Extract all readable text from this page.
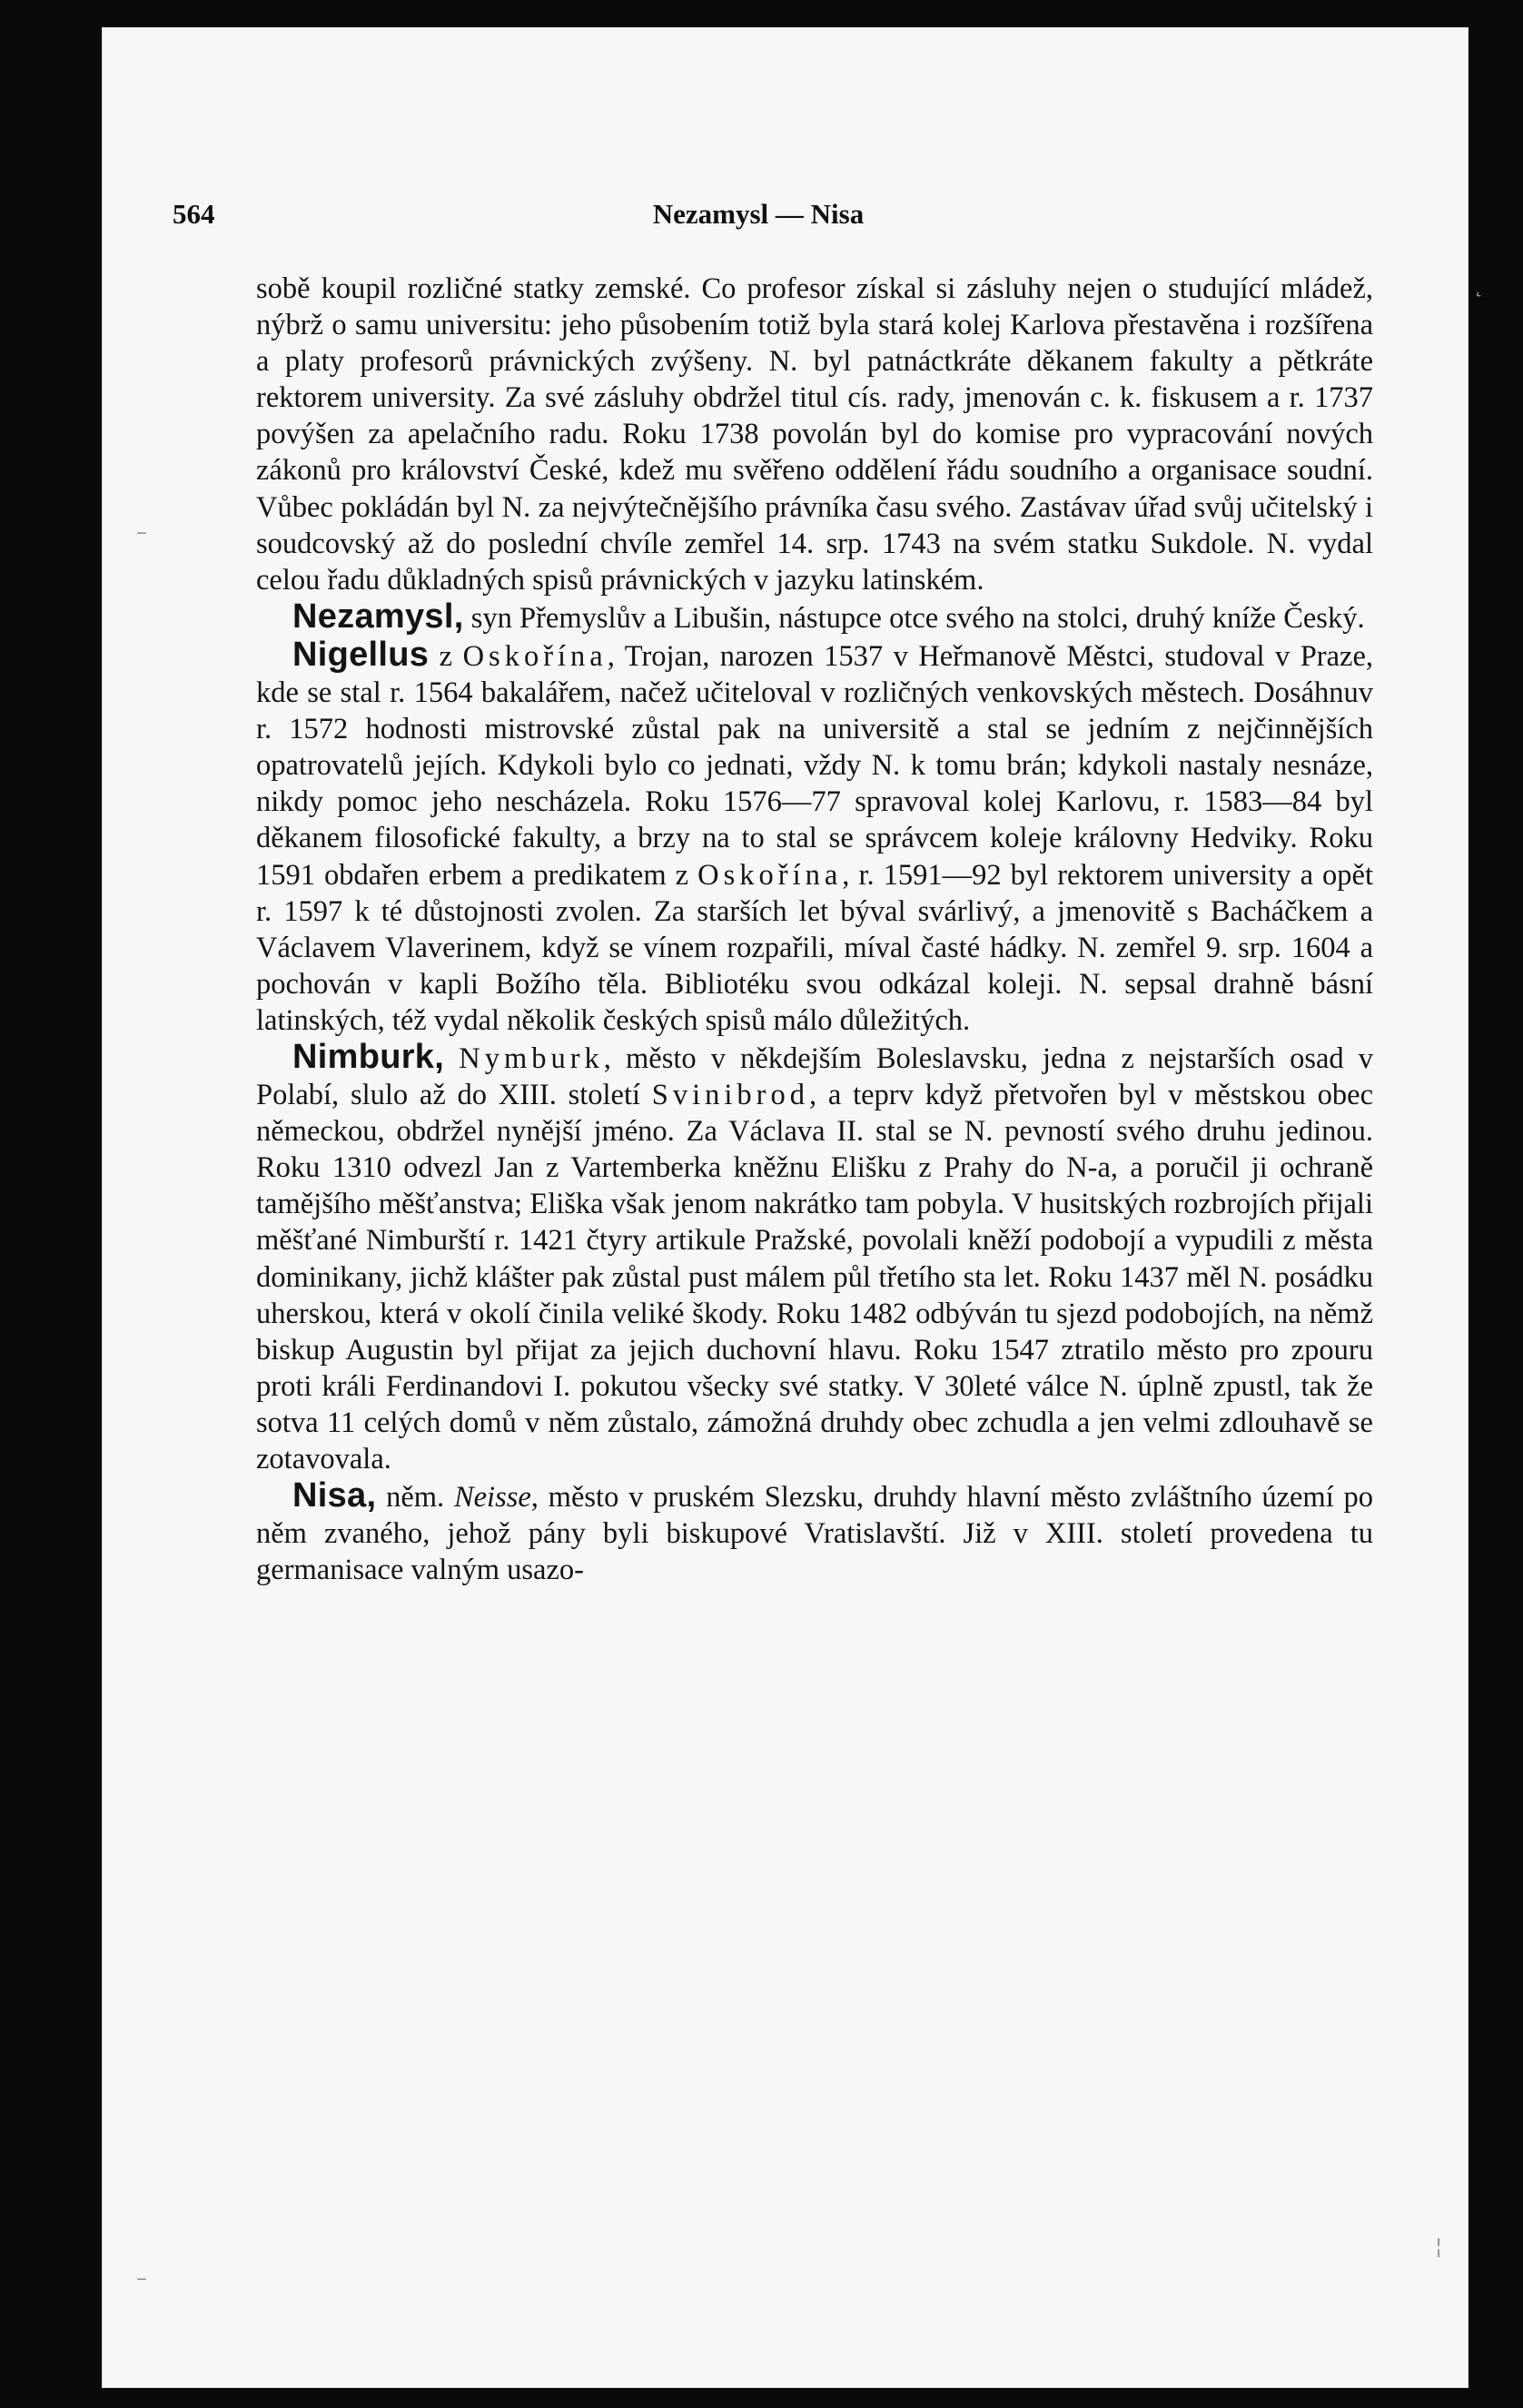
564	Nezamysl — Nisa

sobě koupil rozličné statky zemské. Co profesor získal si zásluhy nejen o studující mládež, nýbrž o samu universitu: jeho působením totiž byla stará kolej Karlova přestavěna i rozšířena a platy profesorů právnických zvýšeny. N. byl patnáctkráte děkanem fakulty a pětkráte rektorem university. Za své zásluhy obdržel titul cís. rady, jmenován c. k. fiskusem a r. 1737 povýšen za apelačního radu. Roku 1738 povolán byl do komise pro vypracování nových zákonů pro království České, kdež mu svěřeno oddělení řádu soudního a organisace soudní. Vůbec pokládán byl N. za nejvýtečnějšího právníka času svého. Zastávav úřad svůj učitelský i soudcovský až do poslední chvíle zemřel 14. srp. 1743 na svém statku Sukdole. N. vydal celou řadu důkladných spisů právnických v jazyku latinském.

Nezamysl, syn Přemyslův a Libušin, nástupce otce svého na stolci, druhý kníže Český.

Nigellus z Oskořína, Trojan, narozen 1537 v Heřmanově Městci, studoval v Praze, kde se stal r. 1564 bakalářem, načež učiteloval v rozličných venkovských městech. Dosáhnuv r. 1572 hodnosti mistrovské zůstal pak na universitě a stal se jedním z nejčinnějších opatrovatelů jejích. Kdykoli bylo co jednati, vždy N. k tomu brán; kdykoli nastaly nesnáze, nikdy pomoc jeho nescházela. Roku 1576—77 spravoval kolej Karlovu, r. 1583—84 byl děkanem filosofické fakulty, a brzy na to stal se správcem koleje královny Hedviky. Roku 1591 obdařen erbem a predikatem z Oskořína, r. 1591—92 byl rektorem university a opět r. 1597 k té důstojnosti zvolen. Za starších let býval svárlivý, a jmenovitě s Bacháčkem a Václavem Vlaverinem, když se vínem rozpařili, míval časté hádky. N. zemřel 9. srp. 1604 a pochován v kapli Božího těla. Bibliotéku svou odkázal koleji. N. sepsal drahně básní latinských, též vydal několik českých spisů málo důležitých.

Nimburk, Nymburk, město v někdejším Boleslavsku, jedna z nejstarších osad v Polabí, slulo až do XIII. století Svinibrod, a teprv když přetvořen byl v městskou obec německou, obdržel nynější jméno. Za Václava II. stal se N. pevností svého druhu jedinou. Roku 1310 odvezl Jan z Vartemberka kněžnu Elišku z Prahy do N-a, a poručil ji ochraně tamějšího měšťanstva; Eliška však jenom nakrátko tam pobyla. V husitských rozbrojích přijali měšťané Nimburští r. 1421 čtyry artikule Pražské, povolali kněží podobojí a vypudili z města dominikany, jichž klášter pak zůstal pust málem půl třetího sta let. Roku 1437 měl N. posádku uherskou, která v okolí činila veliké škody. Roku 1482 odbýván tu sjezd podobojích, na němž biskup Augustin byl přijat za jejich duchovní hlavu. Roku 1547 ztratilo město pro zpouru proti králi Ferdinandovi I. pokutou všecky své statky. V 30leté válce N. úplně zpustl, tak že sotva 11 celých domů v něm zůstalo, zámožná druhdy obec zchudla a jen velmi zdlouhavě se zotavovala.

Nisa, něm. Neisse, město v pruském Slezsku, druhdy hlavní město zvláštního území po něm zvaného, jehož pány byli biskupové Vratislavští. Již v XIII. století provedena tu germanisace valným usazo-

˛
–
–
¦
